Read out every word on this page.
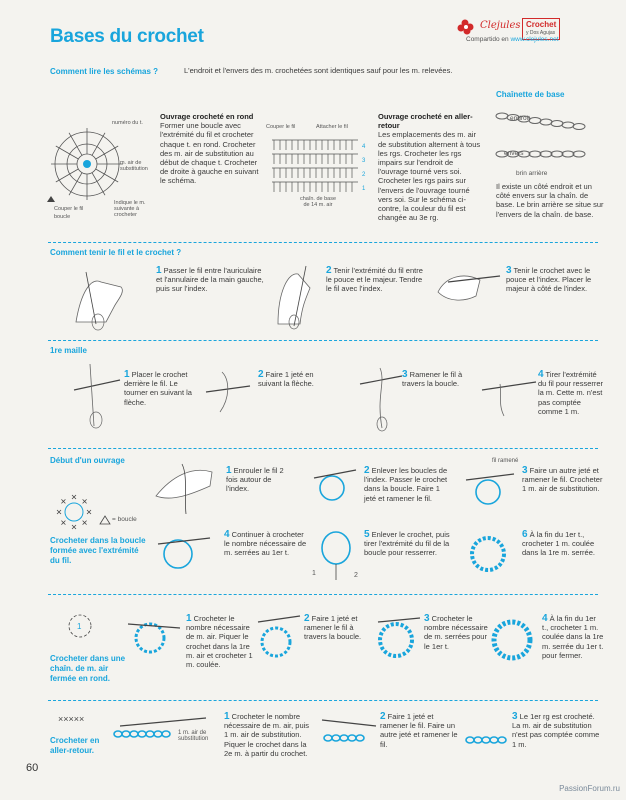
Bases du crochet
Clejules Crochet
y Dos Agujas
Compartido en www.clejules.net
Comment lire les schémas ?	L'endroit et l'envers des m. crochetées sont identiques sauf pour les m. relevées.
numéro du t.
m. air de substitution
Couper le fil
boucle
Indique le m. suivante à crocheter
Ouvrage crocheté en rond
Former une boucle avec l'extrémité du fil et crocheter chaque t. en rond. Crocheter des m. air de substitution au début de chaque t. Crocheter de droite à gauche en suivant le schéma.
Couper le fil	Attacher le fil
chaîn. de base de 14 m. air
4
3
2
1
Ouvrage crocheté en aller-retour
Les emplacements des m. air de substitution alternent à tous les rgs. Crocheter les rgs impairs sur l'endroit de l'ouvrage tourné vers soi. Crocheter les rgs pairs sur l'envers de l'ouvrage tourné vers soi. Sur le schéma ci-contre, la couleur du fil est changée au 3e rg.
Chaînette de base
endroit
envers
brin arrière
Il existe un côté endroit et un côté envers sur la chaîn. de base. Le brin arrière se situe sur l'envers de la chaîn. de base.
Comment tenir le fil et le crochet ?
1 Passer le fil entre l'auriculaire et l'annulaire de la main gauche, puis sur l'index.
2 Tenir l'extrémité du fil entre le pouce et le majeur. Tendre le fil avec l'index.
3 Tenir le crochet avec le pouce et l'index. Placer le majeur à côté de l'index.
1re maille
1 Placer le crochet derrière le fil. Le tourner en suivant la flèche.
2 Faire 1 jeté en suivant la flèche.
3 Ramener le fil à travers la boucle.
4 Tirer l'extrémité du fil pour resserrer la m. Cette m. n'est pas comptée comme 1 m.
Début d'un ouvrage
= boucle
Crocheter dans la boucle formée avec l'extrémité du fil.
1 Enrouler le fil 2 fois autour de l'index.
2 Enlever les boucles de l'index. Passer le crochet dans la boucle. Faire 1 jeté et ramener le fil.
fil ramené
3 Faire un autre jeté et ramener le fil. Crocheter 1 m. air de substitution.
4 Continuer à crocheter le nombre nécessaire de m. serrées au 1er t.
1	2
5 Enlever le crochet, puis tirer l'extrémité du fil de la boucle pour resserrer.
6 À la fin du 1er t., crocheter 1 m. coulée dans la 1re m. serrée.
1
Crocheter dans une chaîn. de m. air fermée en rond.
1 Crocheter le nombre nécessaire de m. air. Piquer le crochet dans la 1re m. air et crocheter 1 m. coulée.
2 Faire 1 jeté et ramener le fil à travers la boucle.
3 Crocheter le nombre nécessaire de m. serrées pour le 1er t.
4 À la fin du 1er t., crocheter 1 m. coulée dans la 1re m. serrée du 1er t. pour fermer.
×××××
Crocheter en aller-retour.
1 m. air de substitution
1 Crocheter le nombre nécessaire de m. air, puis 1 m. air de substitution. Piquer le crochet dans la 2e m. à partir du crochet.
2 Faire 1 jeté et ramener le fil. Faire un autre jeté et ramener le fil.
3 Le 1er rg est crocheté. La m. air de substitution n'est pas comptée comme 1 m.
60
PassionForum.ru
